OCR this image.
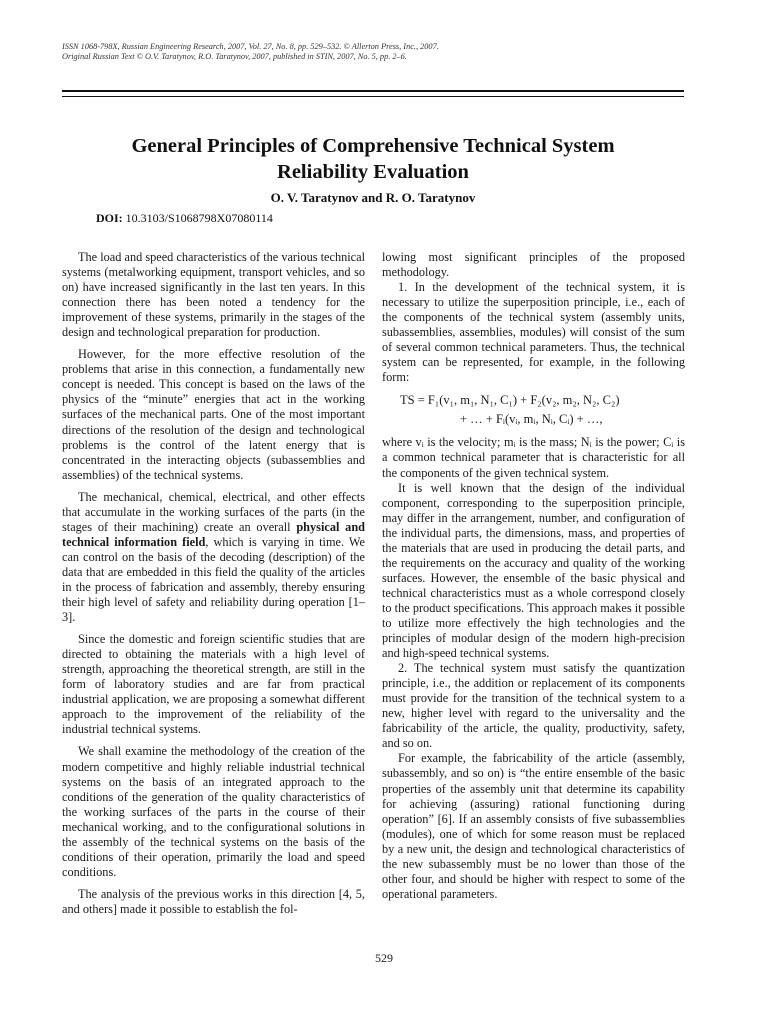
ISSN 1068-798X, Russian Engineering Research, 2007, Vol. 27, No. 8, pp. 529–532. © Allerton Press, Inc., 2007.
Original Russian Text © O.V. Taratynov, R.O. Taratynov, 2007, published in STIN, 2007, No. 5, pp. 2–6.
General Principles of Comprehensive Technical System
Reliability Evaluation
O. V. Taratynov and R. O. Taratynov
DOI: 10.3103/S1068798X07080114

The load and speed characteristics of the various technical systems (metalworking equipment, transport vehicles, and so on) have increased significantly in the last ten years. In this connection there has been noted a tendency for the improvement of these systems, primarily in the stages of the design and technological preparation for production.

However, for the more effective resolution of the problems that arise in this connection, a fundamentally new concept is needed. This concept is based on the laws of the physics of the “minute” energies that act in the working surfaces of the mechanical parts. One of the most important directions of the resolution of the design and technological problems is the control of the latent energy that is concentrated in the interacting objects (subassemblies and assemblies) of the technical systems.

The mechanical, chemical, electrical, and other effects that accumulate in the working surfaces of the parts (in the stages of their machining) create an overall physical and technical information field, which is varying in time. We can control on the basis of the decoding (description) of the data that are embedded in this field the quality of the articles in the process of fabrication and assembly, thereby ensuring their high level of safety and reliability during operation [1–3].

Since the domestic and foreign scientific studies that are directed to obtaining the materials with a high level of strength, approaching the theoretical strength, are still in the form of laboratory studies and are far from practical industrial application, we are proposing a somewhat different approach to the improvement of the reliability of the industrial technical systems.

We shall examine the methodology of the creation of the modern competitive and highly reliable industrial technical systems on the basis of an integrated approach to the conditions of the generation of the quality characteristics of the working surfaces of the parts in the course of their mechanical working, and to the configurational solutions in the assembly of the technical systems on the basis of the conditions of their operation, primarily the load and speed conditions.

The analysis of the previous works in this direction [4, 5, and others] made it possible to establish the fol-

lowing most significant principles of the proposed methodology.

1. In the development of the technical system, it is necessary to utilize the superposition principle, i.e., each of the components of the technical system (assembly units, subassemblies, assemblies, modules) will consist of the sum of several common technical parameters. Thus, the technical system can be represented, for example, in the following form:

TS = F₁(v₁, m₁, N₁, C₁) + F₂(v₂, m₂, N₂, C₂)
+ … + Fᵢ(vᵢ, mᵢ, Nᵢ, Cᵢ) + …,

where vᵢ is the velocity; mᵢ is the mass; Nᵢ is the power; Cᵢ is a common technical parameter that is characteristic for all the components of the given technical system.

It is well known that the design of the individual component, corresponding to the superposition principle, may differ in the arrangement, number, and configuration of the individual parts, the dimensions, mass, and properties of the materials that are used in producing the detail parts, and the requirements on the accuracy and quality of the working surfaces. However, the ensemble of the basic physical and technical characteristics must as a whole correspond closely to the product specifications. This approach makes it possible to utilize more effectively the high technologies and the principles of modular design of the modern high-precision and high-speed technical systems.

2. The technical system must satisfy the quantization principle, i.e., the addition or replacement of its components must provide for the transition of the technical system to a new, higher level with regard to the universality and the fabricability of the article, the quality, productivity, safety, and so on.

For example, the fabricability of the article (assembly, subassembly, and so on) is “the entire ensemble of the basic properties of the assembly unit that determine its capability for achieving (assuring) rational functioning during operation” [6]. If an assembly consists of five subassemblies (modules), one of which for some reason must be replaced by a new unit, the design and technological characteristics of the new subassembly must be no lower than those of the other four, and should be higher with respect to some of the operational parameters.

529
